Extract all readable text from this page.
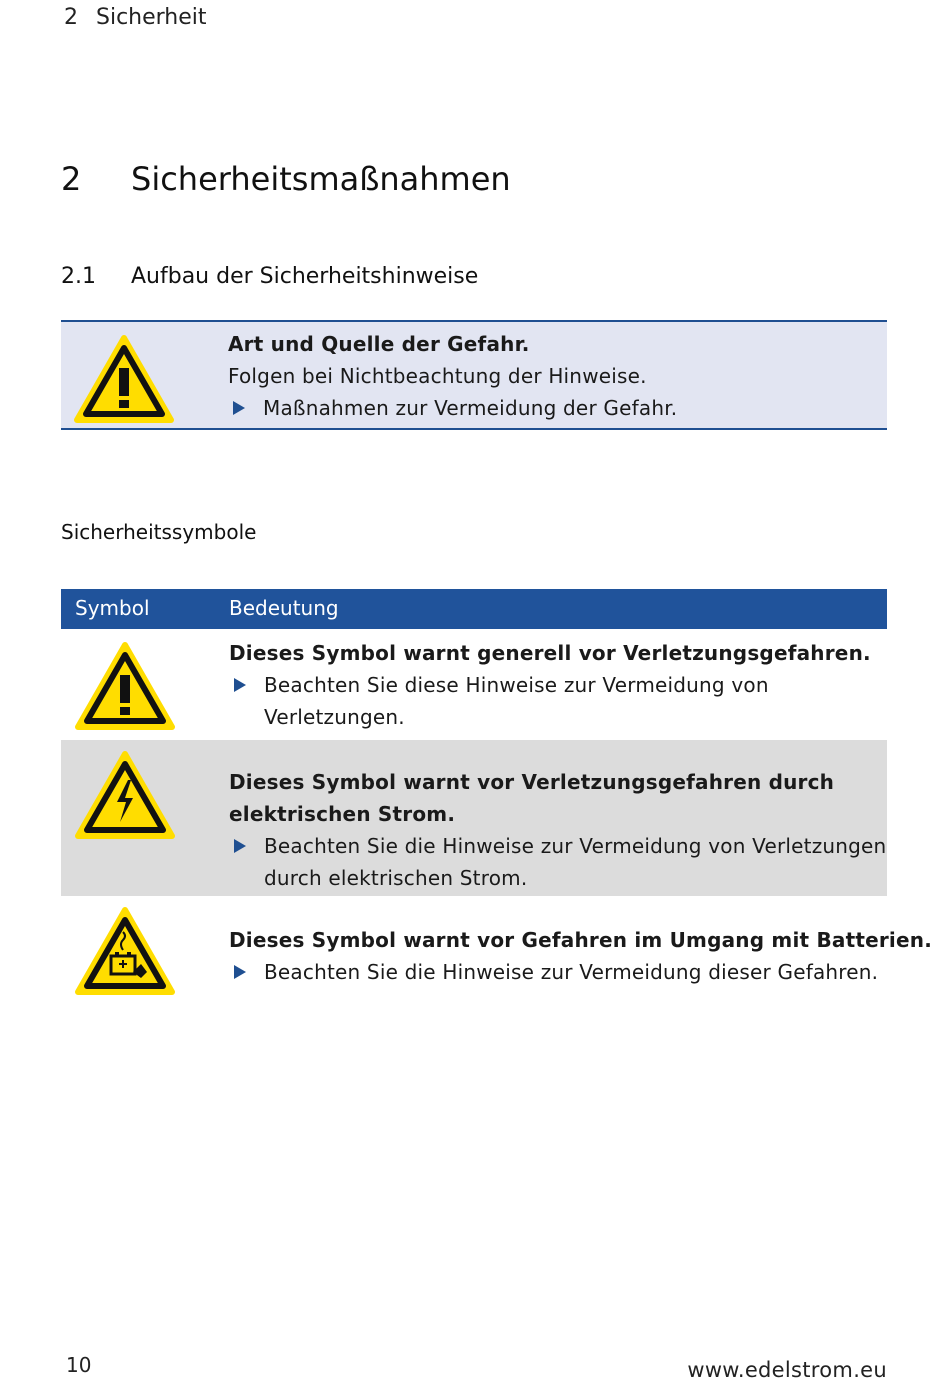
2 Sicherheit
2 Sicherheitsmaßnahmen
2.1 Aufbau der Sicherheitshinweise
Art und Quelle der Gefahr.
Folgen bei Nichtbeachtung der Hinweise.
Maßnahmen zur Vermeidung der Gefahr.
Sicherheitssymbole
Symbol	Bedeutung
Dieses Symbol warnt generell vor Verletzungsgefahren.
Beachten Sie diese Hinweise zur Vermeidung von
Verletzungen.
Dieses Symbol warnt vor Verletzungsgefahren durch
elektrischen Strom.
Beachten Sie die Hinweise zur Vermeidung von Verletzungen
durch elektrischen Strom.
Dieses Symbol warnt vor Gefahren im Umgang mit Batterien.
Beachten Sie die Hinweise zur Vermeidung dieser Gefahren.
10	www.edelstrom.eu
